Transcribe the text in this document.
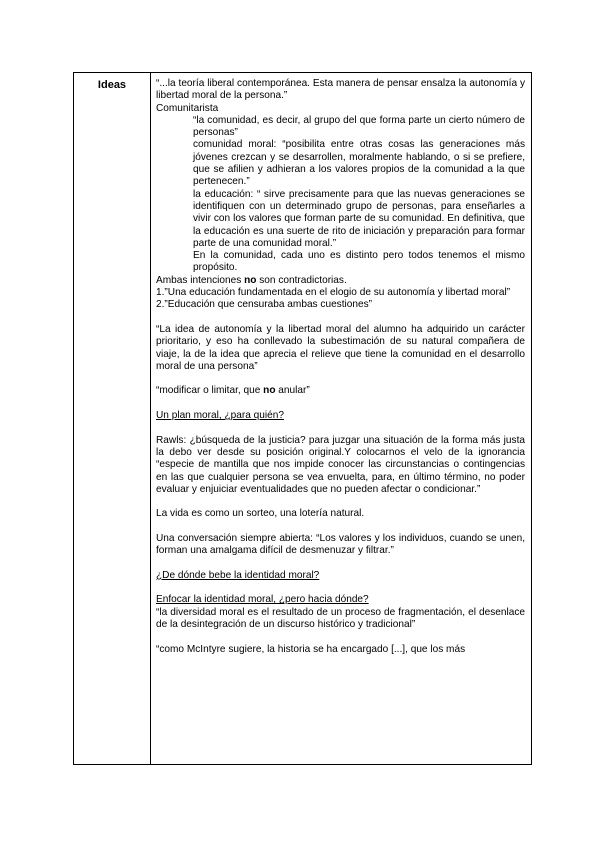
Ideas	“...la teoría liberal contemporánea. Esta manera de pensar ensalza la autonomía y libertad moral de la persona.”

Comunitarista

“la comunidad, es decir, al grupo del que forma parte un cierto número de personas”

comunidad moral: “posibilita entre otras cosas las generaciones más jóvenes crezcan y se desarrollen, moralmente hablando, o si se prefiere, que se afilien y adhieran a los valores propios de la comunidad a la que pertenecen.”

la educación: “ sirve precisamente para que las nuevas generaciones se identifiquen con un determinado grupo de personas, para enseñarles a vivir con los valores que forman parte de su comunidad. En definitiva, que la educación es una suerte de rito de iniciación y preparación para formar parte de una comunidad moral.”

En la comunidad, cada uno es distinto pero todos tenemos el mismo propósito.

Ambas intenciones no son contradictorias.

1.”Una educación fundamentada en el elogio de su autonomía y libertad moral”

2.”Educación que censuraba ambas cuestiones”

“La idea de autonomía y la libertad moral del alumno ha adquirido un carácter prioritario, y eso ha conllevado la subestimación de su natural compañera de viaje, la de la idea que aprecia el relieve que tiene la comunidad en el desarrollo moral de una persona”

“modificar o limitar, que no anular”

Un plan moral, ¿para quién?

Rawls: ¿búsqueda de la justicia? para juzgar una situación de la forma más justa la debo ver desde su posición original.Y colocarnos el velo de la ignorancia “especie de mantilla que nos impide conocer las circunstancias o contingencias en las que cualquier persona se vea envuelta, para, en último término, no poder evaluar y enjuiciar eventualidades que no pueden afectar o condicionar.”

La vida es como un sorteo, una lotería natural.

Una conversación siempre abierta: “Los valores y los individuos, cuando se unen, forman una amalgama difícil de desmenuzar y filtrar.”

¿De dónde bebe la identidad moral?

Enfocar la identidad moral, ¿pero hacia dónde?

“la diversidad moral es el resultado de un proceso de fragmentación, el desenlace de la desintegración de un discurso histórico y tradicional”

“como McIntyre sugiere, la historia se ha encargado [...], que los más
